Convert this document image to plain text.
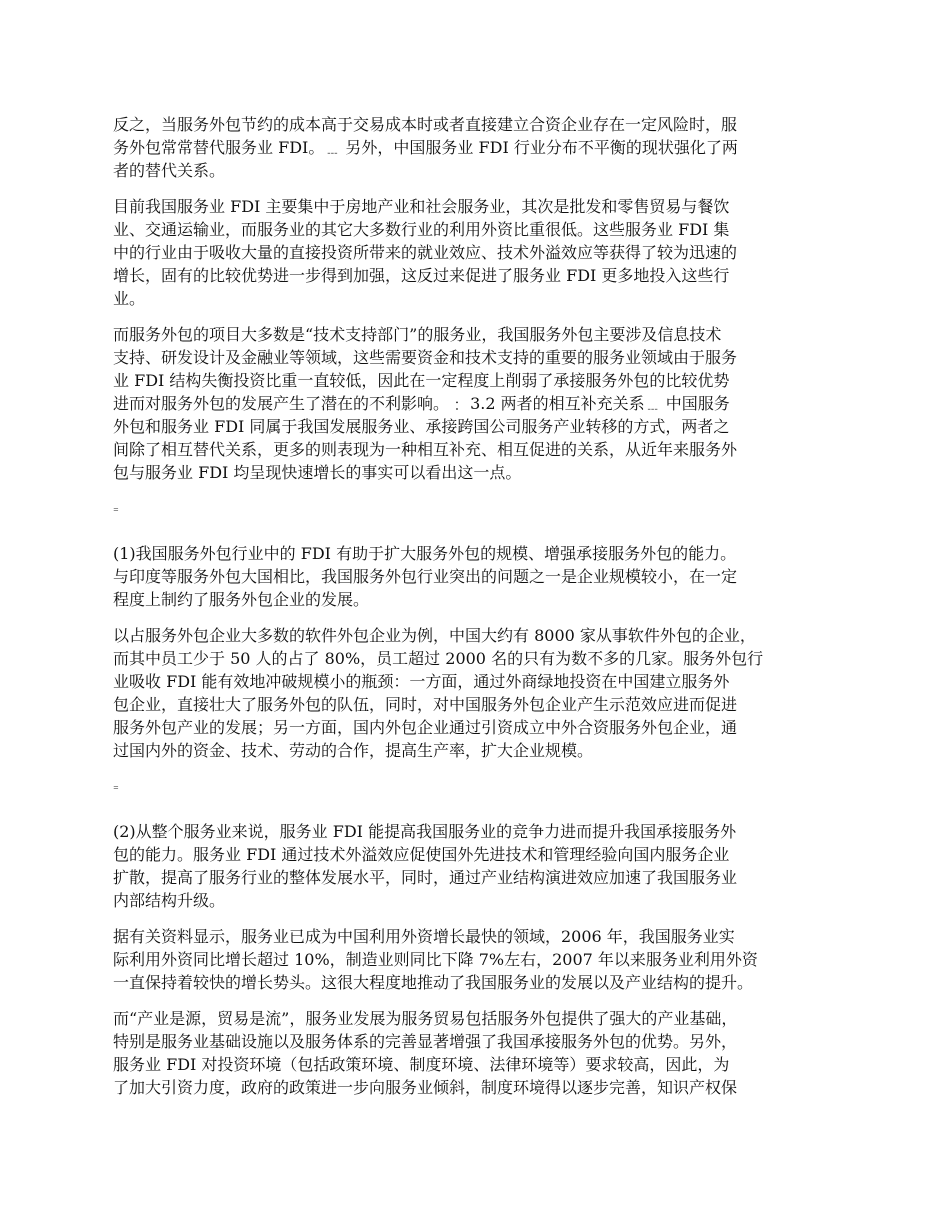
反之，当服务外包节约的成本高于交易成本时或者直接建立合资企业存在一定风险时，服
务外包常常替代服务业 FDI。﹍ 另外，中国服务业 FDI 行业分布不平衡的现状强化了两
者的替代关系。
目前我国服务业 FDI 主要集中于房地产业和社会服务业，其次是批发和零售贸易与餐饮
业、交通运输业，而服务业的其它大多数行业的利用外资比重很低。这些服务业 FDI 集
中的行业由于吸收大量的直接投资所带来的就业效应、技术外溢效应等获得了较为迅速的
增长，固有的比较优势进一步得到加强，这反过来促进了服务业 FDI 更多地投入这些行
业。
而服务外包的项目大多数是“技术支持部门”的服务业，我国服务外包主要涉及信息技术
支持、研发设计及金融业等领域，这些需要资金和技术支持的重要的服务业领域由于服务
业 FDI 结构失衡投资比重一直较低，因此在一定程度上削弱了承接服务外包的比较优势
进而对服务外包的发展产生了潜在的不利影响。﹕ 3.2 两者的相互补充关系﹍ 中国服务
外包和服务业 FDI 同属于我国发展服务业、承接跨国公司服务产业转移的方式，两者之
间除了相互替代关系，更多的则表现为一种相互补充、相互促进的关系，从近年来服务外
包与服务业 FDI 均呈现快速增长的事实可以看出这一点。
⁼
(1)我国服务外包行业中的 FDI 有助于扩大服务外包的规模、增强承接服务外包的能力。
与印度等服务外包大国相比，我国服务外包行业突出的问题之一是企业规模较小，在一定
程度上制约了服务外包企业的发展。
以占服务外包企业大多数的软件外包企业为例，中国大约有 8000 家从事软件外包的企业，
而其中员工少于 50 人的占了 80%，员工超过 2000 名的只有为数不多的几家。服务外包行
业吸收 FDI 能有效地冲破规模小的瓶颈：一方面，通过外商绿地投资在中国建立服务外
包企业，直接壮大了服务外包的队伍，同时，对中国服务外包企业产生示范效应进而促进
服务外包产业的发展；另一方面，国内外包企业通过引资成立中外合资服务外包企业，通
过国内外的资金、技术、劳动的合作，提高生产率，扩大企业规模。
⁼
(2)从整个服务业来说，服务业 FDI 能提高我国服务业的竞争力进而提升我国承接服务外
包的能力。服务业 FDI 通过技术外溢效应促使国外先进技术和管理经验向国内服务企业
扩散，提高了服务行业的整体发展水平，同时，通过产业结构演进效应加速了我国服务业
内部结构升级。
据有关资料显示，服务业已成为中国利用外资增长最快的领域，2006 年，我国服务业实
际利用外资同比增长超过 10%，制造业则同比下降 7%左右，2007 年以来服务业利用外资
一直保持着较快的增长势头。这很大程度地推动了我国服务业的发展以及产业结构的提升。
而“产业是源，贸易是流”，服务业发展为服务贸易包括服务外包提供了强大的产业基础，
特别是服务业基础设施以及服务体系的完善显著增强了我国承接服务外包的优势。另外，
服务业 FDI 对投资环境（包括政策环境、制度环境、法律环境等）要求较高，因此，为
了加大引资力度，政府的政策进一步向服务业倾斜，制度环境得以逐步完善，知识产权保
